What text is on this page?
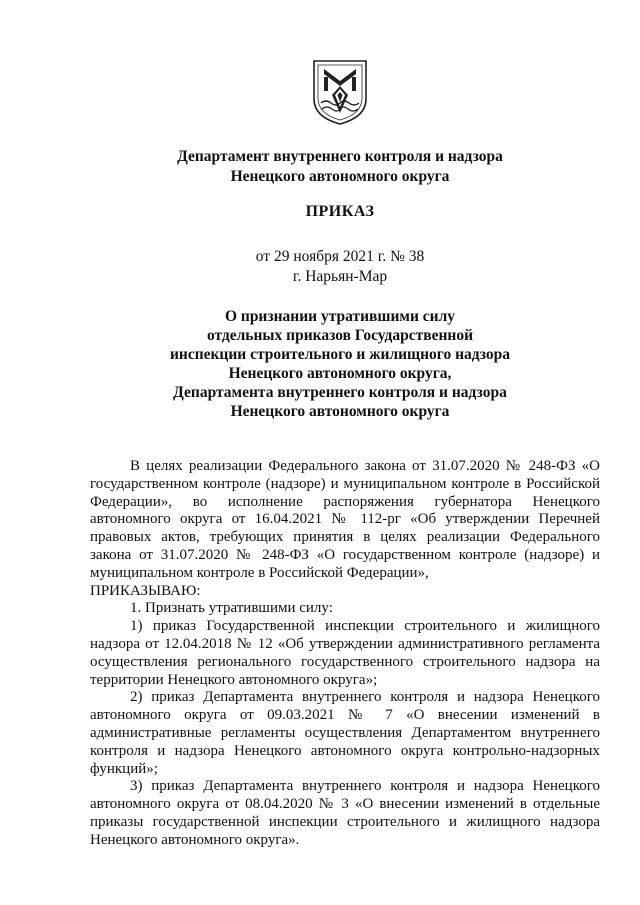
Департамент внутреннего контроля и надзора
Ненецкого автономного округа
ПРИКАЗ
от 29 ноября 2021 г. № 38
г. Нарьян-Мар
О признании утратившими силу
отдельных приказов Государственной
инспекции строительного и жилищного надзора
Ненецкого автономного округа,
Департамента внутреннего контроля и надзора
Ненецкого автономного округа

В целях реализации Федерального закона от 31.07.2020 № 248-ФЗ «О государственном контроле (надзоре) и муниципальном контроле в Российской Федерации», во исполнение распоряжения губернатора Ненецкого автономного округа от 16.04.2021 № 112-рг «Об утверждении Перечней правовых актов, требующих принятия в целях реализации Федерального закона от 31.07.2020 № 248-ФЗ «О государственном контроле (надзоре) и муниципальном контроле в Российской Федерации»,

ПРИКАЗЫВАЮ:

1. Признать утратившими силу:

1) приказ Государственной инспекции строительного и жилищного надзора от 12.04.2018 № 12 «Об утверждении административного регламента осуществления регионального государственного строительного надзора на территории Ненецкого автономного округа»;

2) приказ Департамента внутреннего контроля и надзора Ненецкого автономного округа от 09.03.2021 № 7 «О внесении изменений в административные регламенты осуществления Департаментом внутреннего контроля и надзора Ненецкого автономного округа контрольно-надзорных функций»;

3) приказ Департамента внутреннего контроля и надзора Ненецкого автономного округа от 08.04.2020 № 3 «О внесении изменений в отдельные приказы государственной инспекции строительного и жилищного надзора Ненецкого автономного округа».
